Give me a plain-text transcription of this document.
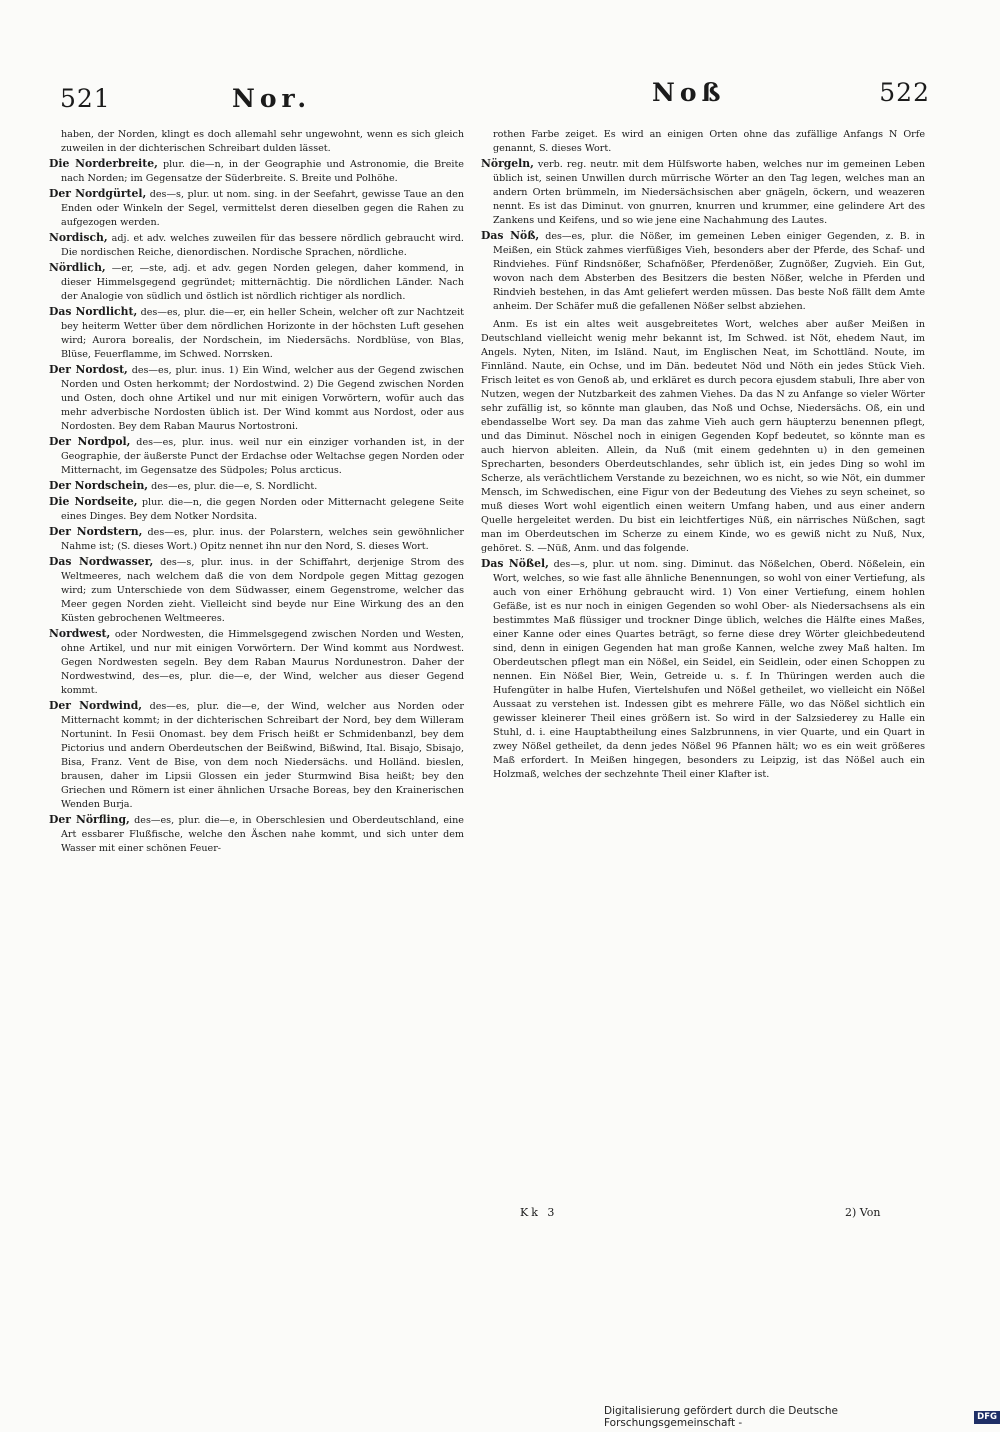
521	Nor.	Noß	522

haben, der Norden, klingt es doch allemahl sehr ungewohnt, wenn es sich gleich zuweilen in der dichterischen Schreibart dulden lässet.

Die Norderbreite, plur. die—n, in der Geographie und Astronomie, die Breite nach Norden; im Gegensatze der Süderbreite. S. Breite und Polhöhe.

Der Nordgürtel, des—s, plur. ut nom. sing. in der Seefahrt, gewisse Taue an den Enden oder Winkeln der Segel, vermittelst deren dieselben gegen die Rahen zu aufgezogen werden.

Nordisch, adj. et adv. welches zuweilen für das bessere nördlich gebraucht wird. Die nordischen Reiche, dienordischen. Nordische Sprachen, nördliche.

Nördlich, —er, —ste, adj. et adv. gegen Norden gelegen, daher kommend, in dieser Himmelsgegend gegründet; mitternächtig. Die nördlichen Länder. Nach der Analogie von südlich und östlich ist nördlich richtiger als nordlich.

Das Nordlicht, des—es, plur. die—er, ein heller Schein, welcher oft zur Nachtzeit bey heiterm Wetter über dem nördlichen Horizonte in der höchsten Luft gesehen wird; Aurora borealis, der Nordschein, im Niedersächs. Nordblüse, von Blas, Blüse, Feuerflamme, im Schwed. Norrsken.

Der Nordost, des—es, plur. inus. 1) Ein Wind, welcher aus der Gegend zwischen Norden und Osten herkommt; der Nordostwind. 2) Die Gegend zwischen Norden und Osten, doch ohne Artikel und nur mit einigen Vorwörtern, wofür auch das mehr adverbische Nordosten üblich ist. Der Wind kommt aus Nordost, oder aus Nordosten. Bey dem Raban Maurus Nortostroni.

Der Nordpol, des—es, plur. inus. weil nur ein einziger vorhanden ist, in der Geographie, der äußerste Punct der Erdachse oder Weltachse gegen Norden oder Mitternacht, im Gegensatze des Südpoles; Polus arcticus.

Der Nordschein, des—es, plur. die—e, S. Nordlicht.

Die Nordseite, plur. die—n, die gegen Norden oder Mitternacht gelegene Seite eines Dinges. Bey dem Notker Nordsita.

Der Nordstern, des—es, plur. inus. der Polarstern, welches sein gewöhnlicher Nahme ist; (S. dieses Wort.) Opitz nennet ihn nur den Nord, S. dieses Wort.

Das Nordwasser, des—s, plur. inus. in der Schiffahrt, derjenige Strom des Weltmeeres, nach welchem daß die von dem Nordpole gegen Mittag gezogen wird; zum Unterschiede von dem Südwasser, einem Gegenstrome, welcher das Meer gegen Norden zieht. Vielleicht sind beyde nur Eine Wirkung des an den Küsten gebrochenen Weltmeeres.

Nordwest, oder Nordwesten, die Himmelsgegend zwischen Norden und Westen, ohne Artikel, und nur mit einigen Vorwörtern. Der Wind kommt aus Nordwest. Gegen Nordwesten segeln. Bey dem Raban Maurus Nordunestron. Daher der Nordwestwind, des—es, plur. die—e, der Wind, welcher aus dieser Gegend kommt.

Der Nordwind, des—es, plur. die—e, der Wind, welcher aus Norden oder Mitternacht kommt; in der dichterischen Schreibart der Nord, bey dem Willeram Nortunint. In Fesii Onomast. bey dem Frisch heißt er Schmidenbanzl, bey dem Pictorius und andern Oberdeutschen der Beißwind, Bißwind, Ital. Bisajo, Sbisajo, Bisa, Franz. Vent de Bise, von dem noch Niedersächs. und Holländ. bieslen, brausen, daher im Lipsii Glossen ein jeder Sturmwind Bisa heißt; bey den Griechen und Römern ist einer ähnlichen Ursache Boreas, bey den Krainerischen Wenden Burja.

Der Nörfling, des—es, plur. die—e, in Oberschlesien und Oberdeutschland, eine Art essbarer Flußfische, welche den Äschen nahe kommt, und sich unter dem Wasser mit einer schönen Feuer-

rothen Farbe zeiget. Es wird an einigen Orten ohne das zufällige Anfangs N Orfe genannt, S. dieses Wort.

Nörgeln, verb. reg. neutr. mit dem Hülfsworte haben, welches nur im gemeinen Leben üblich ist, seinen Unwillen durch mürrische Wörter an den Tag legen, welches man an andern Orten brümmeln, im Niedersächsischen aber gnägeln, öckern, und weazeren nennt. Es ist das Diminut. von gnurren, knurren und krummer, eine gelindere Art des Zankens und Keifens, und so wie jene eine Nachahmung des Lautes.

Das Nöß, des—es, plur. die Nößer, im gemeinen Leben einiger Gegenden, z. B. in Meißen, ein Stück zahmes vierfüßiges Vieh, besonders aber der Pferde, des Schaf- und Rindviehes. Fünf Rindsnößer, Schafnößer, Pferdenößer, Zugnößer, Zugvieh. Ein Gut, wovon nach dem Absterben des Besitzers die besten Nößer, welche in Pferden und Rindvieh bestehen, in das Amt geliefert werden müssen. Das beste Noß fällt dem Amte anheim. Der Schäfer muß die gefallenen Nößer selbst abziehen.

Anm. Es ist ein altes weit ausgebreitetes Wort, welches aber außer Meißen in Deutschland vielleicht wenig mehr bekannt ist, Im Schwed. ist Nöt, ehedem Naut, im Angels. Nyten, Niten, im Isländ. Naut, im Englischen Neat, im Schottländ. Noute, im Finnländ. Naute, ein Ochse, und im Dän. bedeutet Nöd und Nöth ein jedes Stück Vieh. Frisch leitet es von Genoß ab, und erkläret es durch pecora ejusdem stabuli, Ihre aber von Nutzen, wegen der Nutzbarkeit des zahmen Viehes. Da das N zu Anfange so vieler Wörter sehr zufällig ist, so könnte man glauben, das Noß und Ochse, Niedersächs. Oß, ein und ebendasselbe Wort sey. Da man das zahme Vieh auch gern häupterzu benennen pflegt, und das Diminut. Nöschel noch in einigen Gegenden Kopf bedeutet, so könnte man es auch hiervon ableiten. Allein, da Nuß (mit einem gedehnten u) in den gemeinen Sprecharten, besonders Oberdeutschlandes, sehr üblich ist, ein jedes Ding so wohl im Scherze, als verächtlichem Verstande zu bezeichnen, wo es nicht, so wie Nöt, ein dummer Mensch, im Schwedischen, eine Figur von der Bedeutung des Viehes zu seyn scheinet, so muß dieses Wort wohl eigentlich einen weitern Umfang haben, und aus einer andern Quelle hergeleitet werden. Du bist ein leichtfertiges Nüß, ein närrisches Nüßchen, sagt man im Oberdeutschen im Scherze zu einem Kinde, wo es gewiß nicht zu Nuß, Nux, gehöret. S. —Nüß, Anm. und das folgende.

Das Nößel, des—s, plur. ut nom. sing. Diminut. das Nößelchen, Oberd. Nößelein, ein Wort, welches, so wie fast alle ähnliche Benennungen, so wohl von einer Vertiefung, als auch von einer Erhöhung gebraucht wird. 1) Von einer Vertiefung, einem hohlen Gefäße, ist es nur noch in einigen Gegenden so wohl Ober- als Niedersachsens als ein bestimmtes Maß flüssiger und trockner Dinge üblich, welches die Hälfte eines Maßes, einer Kanne oder eines Quartes beträgt, so ferne diese drey Wörter gleichbedeutend sind, denn in einigen Gegenden hat man große Kannen, welche zwey Maß halten. Im Oberdeutschen pflegt man ein Nößel, ein Seidel, ein Seidlein, oder einen Schoppen zu nennen. Ein Nößel Bier, Wein, Getreide u. s. f. In Thüringen werden auch die Hufengüter in halbe Hufen, Viertelshufen und Nößel getheilet, wo vielleicht ein Nößel Aussaat zu verstehen ist. Indessen gibt es mehrere Fälle, wo das Nößel sichtlich ein gewisser kleinerer Theil eines größern ist. So wird in der Salzsiederey zu Halle ein Stuhl, d. i. eine Hauptabtheilung eines Salzbrunnens, in vier Quarte, und ein Quart in zwey Nößel getheilet, da denn jedes Nößel 96 Pfannen hält; wo es ein weit größeres Maß erfordert. In Meißen hingegen, besonders zu Leipzig, ist das Nößel auch ein Holzmaß, welches der sechzehnte Theil einer Klafter ist.

Kk 3	2) Von
Digitalisierung gefördert durch die Deutsche Forschungsgemeinschaft -
DFG
